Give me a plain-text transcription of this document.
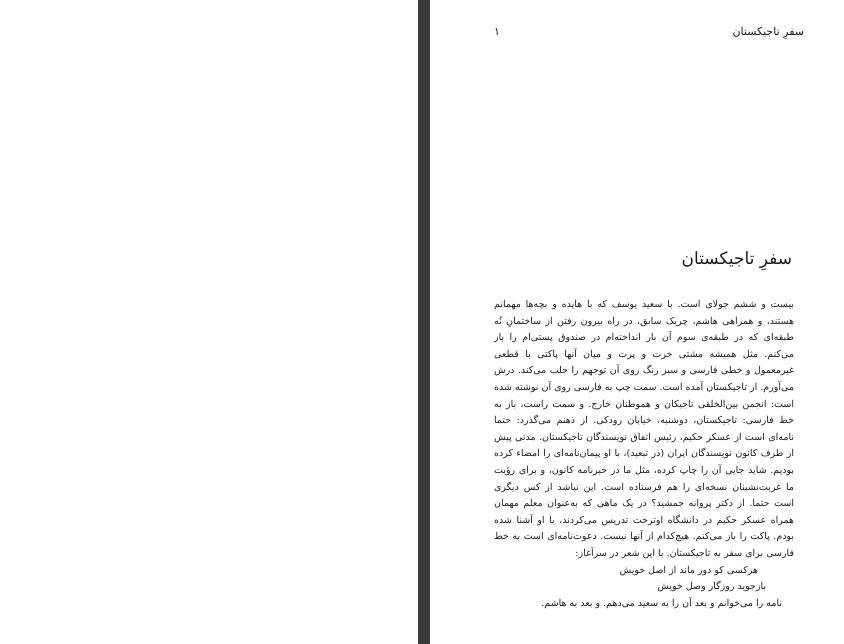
۱	سفرِ تاجیکستان
سفرِ تاجیکستان

بیست و ششم جولای است. با سعید یوسف که با هایده و بچه‌ها مهمانم هستند، و همراهی هاشم، چریک سابق، در راه بیرون رفتن از ساختمانِ نُه طبقه‌ای که در طبقه‌ی سوم آن بار انداخته‌ام در صندوق پستی‌ام را باز می‌کنم. مثل همیشه مشتی خرت و پرت و میان آنها پاکتی با قطعی غیرمعمول و خطی فارسی و سبز رنگ روی آن توجهم را جلب می‌کند. درش می‌آورم. از تاجیکستان آمده است. سمت چپ به فارسی روی آن نوشته شده است: انجمن بین‌الخلقی تاجیکان و هموطنان خارج. و سمت راست، باز به خط فارسی: تاجیکستان، دوشنبه، خیابان رودکی. از ذهنم می‌گذرد: حتما نامه‌ای است از عسکر حکیم، رئیس اتفاق نویسندگان تاجیکستان. مدتی پیش از طرف کانون نویسندگان ایران (در تبعید)، با او پیمان‌نامه‌ای را امضاء کرده بودیم. شاید جایی آن را چاپ کرده، مثل ما در خبرنامه کانون، و برای رؤیت ما غربت‌نشینان نسخه‌ای را هم فرستاده است. این نباشد از کس دیگری است حتما. از دکتر پروانه جمشید؟ در یک ماهی که به‌عنوان معلم مهمان همراه عسکر حکیم در دانشگاه اوترخت تدریس می‌کردند، با او آشنا شده بودم. پاکت را باز می‌کنم. هیچ‌کدام از آنها نیست. دعوت‌نامه‌ای است به خط فارسی برای سفر به تاجیکستان. با این شعر در سرآغاز:

هرکسی کو دور ماند از اصل خویش

بازجوید روزگار وصل خویش

نامه را می‌خوانم و بعد آن را به سعید می‌دهم. و بعد به هاشم.
